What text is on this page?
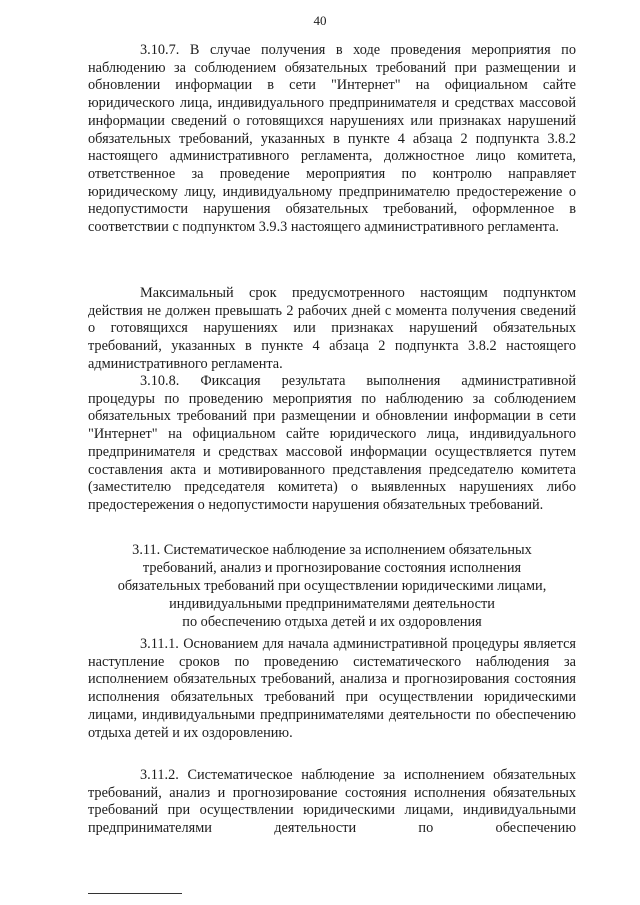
40

3.10.7. В случае получения в ходе проведения мероприятия по наблюдению за соблюдением обязательных требований при размещении и обновлении информации в сети "Интернет" на официальном сайте юридического лица, индивидуального предпринимателя и средствах массовой информации сведений о готовящихся нарушениях или признаках нарушений обязательных требований, указанных в пункте 4 абзаца 2 подпункта 3.8.2 настоящего административного регламента, должностное лицо комитета, ответственное за проведение мероприятия по контролю направляет юридическому лицу, индивидуальному предпринимателю предостережение о недопустимости нарушения обязательных требований, оформленное в соответствии с подпунктом 3.9.3 настоящего административного регламента.

Максимальный срок предусмотренного настоящим подпунктом действия не должен превышать 2 рабочих дней с момента получения сведений о готовящихся нарушениях или признаках нарушений обязательных требований, указанных в пункте 4 абзаца 2 подпункта 3.8.2 настоящего административного регламента.

3.10.8. Фиксация результата выполнения административной процедуры по проведению мероприятия по наблюдению за соблюдением обязательных требований при размещении и обновлении информации в сети "Интернет" на официальном сайте юридического лица, индивидуального предпринимателя и средствах массовой информации осуществляется путем составления акта и мотивированного представления председателю комитета (заместителю председателя комитета) о выявленных нарушениях либо предостережения о недопустимости нарушения обязательных требований.

3.11. Систематическое наблюдение за исполнением обязательных
требований, анализ и прогнозирование состояния исполнения
обязательных требований при осуществлении юридическими лицами,
индивидуальными предпринимателями деятельности
по обеспечению отдыха детей и их оздоровления

3.11.1. Основанием для начала административной процедуры является наступление сроков по проведению систематического наблюдения за исполнением обязательных требований, анализа и прогнозирования состояния исполнения обязательных требований при осуществлении юридическими лицами, индивидуальными предпринимателями деятельности по обеспечению отдыха детей и их оздоровлению.

3.11.2. Систематическое наблюдение за исполнением обязательных требований, анализ и прогнозирование состояния исполнения обязательных требований при осуществлении юридическими лицами, индивидуальными предпринимателями деятельности по обеспечению
